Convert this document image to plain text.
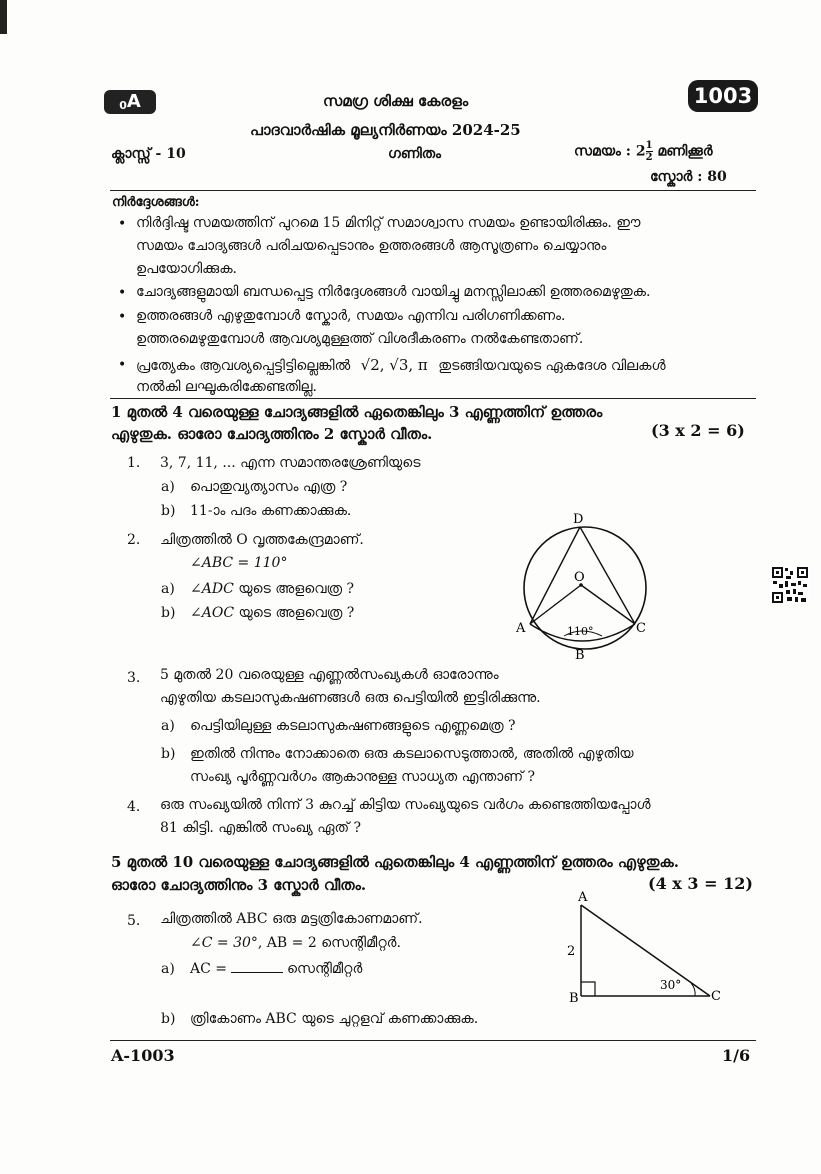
0A	1003
സമഗ്ര ശിക്ഷ കേരളം
പാദവാർഷിക മൂല്യനിർണയം 2024-25
ക്ലാസ്സ് - 10	ഗണിതം	സമയം : $2 \frac{1}{2}$ മണിക്കൂർ
സ്കോർ : 80
നിർദ്ദേശങ്ങൾ:
• നിർദ്ദിഷ്ട സമയത്തിന് പുറമെ 15 മിനിറ്റ് സമാശ്വാസ സമയം ഉണ്ടായിരിക്കും. ഈ
സമയം ചോദ്യങ്ങൾ പരിചയപ്പെടാനും ഉത്തരങ്ങൾ ആസൂത്രണം ചെയ്യാനും
ഉപയോഗിക്കുക.
• ചോദ്യങ്ങളുമായി ബന്ധപ്പെട്ട നിർദ്ദേശങ്ങൾ വായിച്ചു മനസ്സിലാക്കി ഉത്തരമെഴുതുക.
• ഉത്തരങ്ങൾ എഴുതുമ്പോൾ സ്കോർ, സമയം എന്നിവ പരിഗണിക്കണം.
ഉത്തരമെഴുതുമ്പോൾ ആവശ്യമുള്ളത്ത് വിശദീകരണം നൽകേണ്ടതാണ്.
• പ്രത്യേകം ആവശ്യപ്പെട്ടിട്ടില്ലെങ്കിൽ √2, √3, π തുടങ്ങിയവയുടെ ഏകദേശ വിലകൾ
നൽകി ലഘൂകരിക്കേണ്ടതില്ല.
1 മുതൽ 4 വരെയുള്ള ചോദ്യങ്ങളിൽ ഏതെങ്കിലും 3 എണ്ണത്തിന് ഉത്തരം
എഴുതുക. ഓരോ ചോദ്യത്തിനും 2 സ്കോർ വീതം.	(3 x 2 = 6)
1. 3, 7, 11, ... എന്ന സമാന്തരശ്രേണിയുടെ
a) പൊതുവ്യത്യാസം എത്ര ?
b) 11-ാം പദം കണക്കാക്കുക.
2. ചിത്രത്തിൽ O വൃത്തകേന്ദ്രമാണ്.
∠ABC = 110°
a) ∠ADC യുടെ അളവെത്ര ?
b) ∠AOC യുടെ അളവെത്ര ?
D
O
A	C
B
110°
3. 5 മുതൽ 20 വരെയുള്ള എണ്ണൽസംഖ്യകൾ ഓരോന്നും
എഴുതിയ കടലാസുകഷണങ്ങൾ ഒരു പെട്ടിയിൽ ഇട്ടിരിക്കുന്നു.
a) പെട്ടിയിലുള്ള കടലാസുകഷണങ്ങളുടെ എണ്ണമെത്ര ?
b) ഇതിൽ നിന്നും നോക്കാതെ ഒരു കടലാസെടുത്താൽ, അതിൽ എഴുതിയ
സംഖ്യ പൂർണ്ണവർഗം ആകാനുള്ള സാധ്യത എന്താണ് ?
4. ഒരു സംഖ്യയിൽ നിന്ന് 3 കുറച്ച് കിട്ടിയ സംഖ്യയുടെ വർഗം കണ്ടെത്തിയപ്പോൾ
81 കിട്ടി. എങ്കിൽ സംഖ്യ ഏത് ?
5 മുതൽ 10 വരെയുള്ള ചോദ്യങ്ങളിൽ ഏതെങ്കിലും 4 എണ്ണത്തിന് ഉത്തരം എഴുതുക.
ഓരോ ചോദ്യത്തിനും 3 സ്കോർ വീതം.	(4 x 3 = 12)
5. ചിത്രത്തിൽ ABC ഒരു മട്ടത്രികോണമാണ്.
∠C = 30°, AB = 2 സെന്റിമീറ്റർ.
a) AC =	സെന്റിമീറ്റർ
b) ത്രികോണം ABC യുടെ ചുറ്റളവ് കണക്കാക്കുക.
A
B	C
2
30°
A-1003	1/6
